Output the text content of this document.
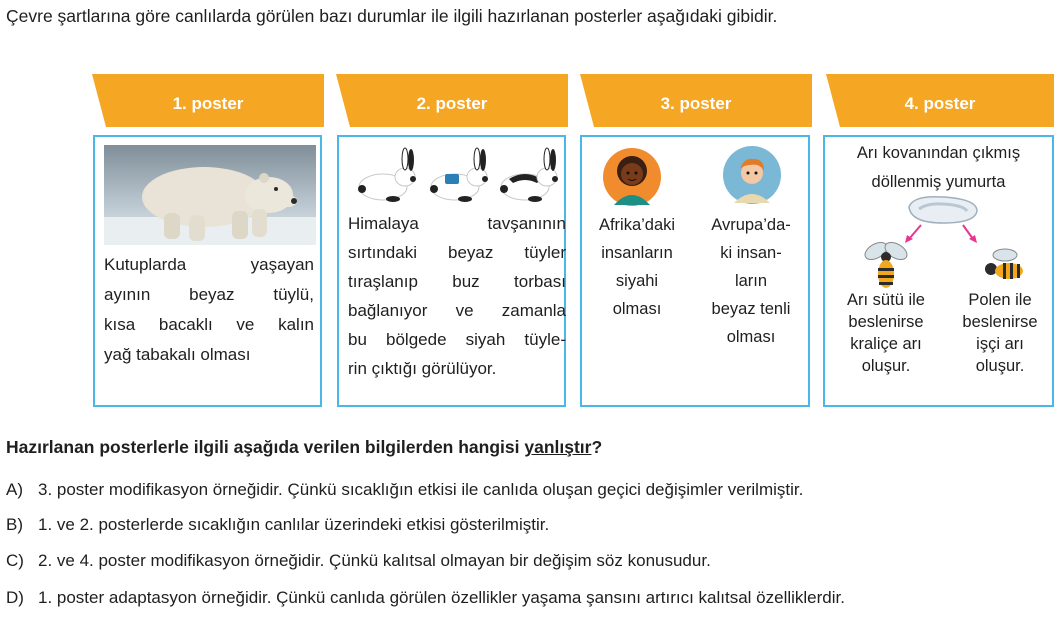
Çevre şartlarına göre canlılarda görülen bazı durumlar ile ilgili hazırlanan posterler aşağıdaki gibidir.
1. poster	2. poster	3. poster	4. poster
Kutuplarda yaşayan
ayının beyaz tüylü,
kısa bacaklı ve kalın
yağ tabakalı olması
Himalaya tavşanının
sırtındaki beyaz tüyler
tıraşlanıp buz torbası
bağlanıyor ve zamanla
bu bölgede siyah tüyle-
rin çıktığı görülüyor.
Afrika’daki
insanların
siyahi
olması
Avrupa’da-
ki insan-
ların
beyaz tenli
olması
Arı kovanından çıkmış
döllenmiş yumurta
Arı sütü ile
beslenirse
kraliçe arı
oluşur.
Polen ile
beslenirse
işçi arı
oluşur.
Hazırlanan posterlerle ilgili aşağıda verilen bilgilerden hangisi yanlıştır?
A) 3. poster modifikasyon örneğidir. Çünkü sıcaklığın etkisi ile canlıda oluşan geçici değişimler verilmiştir.
B) 1. ve 2. posterlerde sıcaklığın canlılar üzerindeki etkisi gösterilmiştir.
C) 2. ve 4. poster modifikasyon örneğidir. Çünkü kalıtsal olmayan bir değişim söz konusudur.
D) 1. poster adaptasyon örneğidir. Çünkü canlıda görülen özellikler yaşama şansını artırıcı kalıtsal özelliklerdir.
